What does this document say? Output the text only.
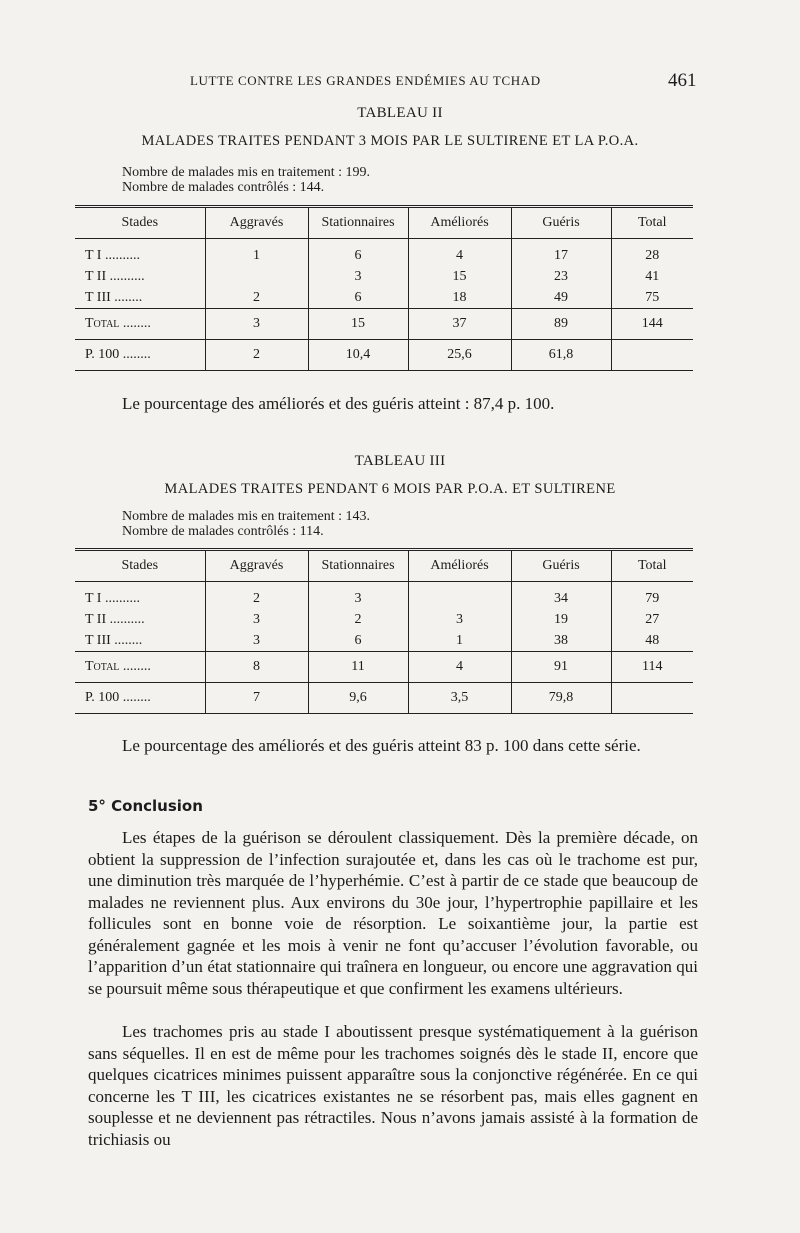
LUTTE CONTRE LES GRANDES ENDÉMIES AU TCHAD	461
TABLEAU II
MALADES TRAITES PENDANT 3 MOIS PAR LE SULTIRENE ET LA P.O.A.
Nombre de malades mis en traitement : 199.
Nombre de malades contrôlés : 144.
Stades	Aggravés	Stationnaires	Améliorés	Guéris	Total
T I ..........	1	6	4	17	28
T II ..........		3	15	23	41
T III ........	2	6	18	49	75
Total ........	3	15	37	89	144
P. 100 ........	2	10,4	25,6	61,8	
Le pourcentage des améliorés et des guéris atteint : 87,4 p. 100.
TABLEAU III
MALADES TRAITES PENDANT 6 MOIS PAR P.O.A. ET SULTIRENE
Nombre de malades mis en traitement : 143.
Nombre de malades contrôlés : 114.
Stades	Aggravés	Stationnaires	Améliorés	Guéris	Total
T I ..........	2	3		34	79
T II ..........	3	2	3	19	27
T III ........	3	6	1	38	48
Total ........	8	11	4	91	114
P. 100 ........	7	9,6	3,5	79,8	
Le pourcentage des améliorés et des guéris atteint 83 p. 100 dans cette série.
5° Conclusion
Les étapes de la guérison se déroulent classiquement. Dès la première décade, on obtient la suppression de l’infection surajoutée et, dans les cas où le trachome est pur, une diminution très marquée de l’hyperhémie. C’est à partir de ce stade que beaucoup de malades ne reviennent plus. Aux environs du 30e jour, l’hypertrophie papillaire et les follicules sont en bonne voie de résorption. Le soixantième jour, la partie est généralement gagnée et les mois à venir ne font qu’accuser l’évolution favorable, ou l’apparition d’un état stationnaire qui traînera en longueur, ou encore une aggravation qui se poursuit même sous thérapeutique et que confirment les examens ultérieurs.
Les trachomes pris au stade I aboutissent presque systématiquement à la guérison sans séquelles. Il en est de même pour les trachomes soignés dès le stade II, encore que quelques cicatrices minimes puissent apparaître sous la conjonctive régénérée. En ce qui concerne les T III, les cicatrices existantes ne se résorbent pas, mais elles gagnent en souplesse et ne deviennent pas rétractiles. Nous n’avons jamais assisté à la formation de trichiasis ou
